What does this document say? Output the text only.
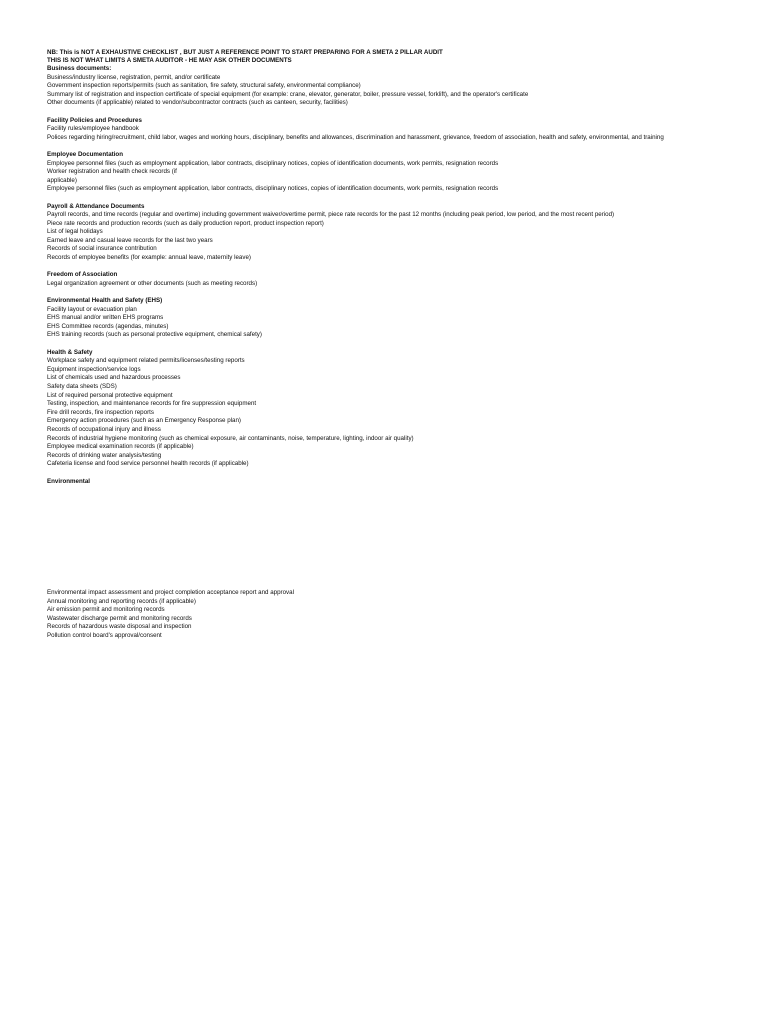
NB: This is NOT A EXHAUSTIVE CHECKLIST , BUT JUST A REFERENCE POINT TO START PREPARING FOR A SMETA 2 PILLAR AUDIT
THIS IS NOT WHAT LIMITS A SMETA AUDITOR - HE MAY ASK OTHER DOCUMENTS
Business documents:
Business/industry license, registration, permit, and/or certificate
Government inspection reports/permits (such as sanitation, fire safety, structural safety, environmental compliance)
Summary list of registration and inspection certificate of special equipment (for example: crane, elevator, generator, boiler, pressure vessel, forklift), and the operator's certificate
Other documents (if applicable) related to vendor/subcontractor contracts (such as canteen, security, facilities)
Facility Policies and Procedures
Facility rules/employee handbook
Polices regarding hiring/recruitment, child labor, wages and working hours, disciplinary, benefits and allowances, discrimination and harassment, grievance, freedom of association, health and safety, environmental, and training
Employee Documentation
Employee personnel files (such as employment application, labor contracts, disciplinary notices, copies of identification documents, work permits, resignation records
Worker registration and health check records (if applicable)
Employee personnel files (such as employment application, labor contracts, disciplinary notices, copies of identification documents, work permits, resignation records
Payroll & Attendance Documents
Payroll records, and time records (regular and overtime) including government waiver/overtime permit, piece rate records for the past 12 months (including peak period, low period, and the most recent period)
Piece rate records and production records (such as daily production report, product inspection report)
List of legal holidays
Earned leave and casual leave records for the last two years
Records of social insurance contribution
Records of employee benefits (for example: annual leave, maternity leave)
Freedom of Association
Legal organization agreement or other documents (such as meeting records)
Environmental Health and Safety (EHS)
Facility layout or evacuation plan
EHS manual and/or written EHS programs
EHS Committee records (agendas, minutes)
EHS training records (such as personal protective equipment, chemical safety)
Health & Safety
Workplace safety and equipment related permits/licenses/testing reports
Equipment inspection/service logs
List of chemicals used and hazardous processes
Safety data sheets (SDS)
List of required personal protective equipment
Testing, inspection, and maintenance records for fire suppression equipment
Fire drill records, fire inspection reports
Emergency action procedures (such as an Emergency Response plan)
Records of occupational injury and illness
Records of industrial hygiene monitoring (such as chemical exposure, air contaminants, noise, temperature, lighting, indoor air quality)
Employee medical examination records (if applicable)
Records of drinking water analysis/testing
Cafeteria license and food service personnel health records (if applicable)
Environmental
Environmental impact assessment and project completion acceptance report and approval
Annual monitoring and reporting records (if applicable)
Air emission permit and monitoring records
Wastewater discharge permit and monitoring records
Records of hazardous waste disposal and inspection
Pollution control board's approval/consent
